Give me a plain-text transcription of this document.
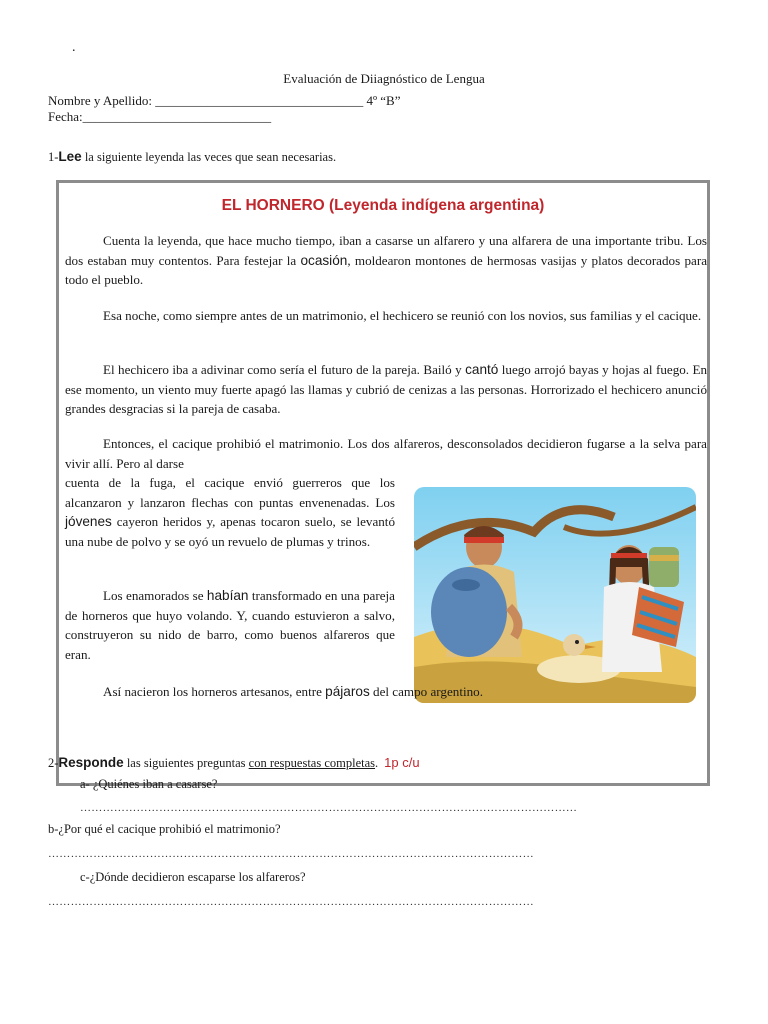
.
Evaluación de Diiagnóstico de Lengua
Nombre y Apellido: ________________________________ 4º “B”
Fecha:_____________________________
1-Lee la siguiente leyenda las veces que sean necesarias.
EL HORNERO (Leyenda indígena argentina)
Cuenta la leyenda, que hace mucho tiempo, iban a casarse un alfarero y una alfarera de una importante tribu. Los dos estaban muy contentos. Para festejar la ocasión, moldearon montones de hermosas vasijas y platos decorados para todo el pueblo.
Esa noche, como siempre antes de un matrimonio, el hechicero se reunió con los novios, sus familias y el cacique.
El hechicero iba a adivinar como sería el futuro de la pareja. Bailó y cantó luego arrojó bayas y hojas al fuego. En ese momento, un viento muy fuerte apagó las llamas y cubrió de cenizas a las personas. Horrorizado el hechicero anunció grandes desgracias si la pareja de casaba.
Entonces, el cacique prohibió el matrimonio. Los dos alfareros, desconsolados decidieron fugarse a la selva para vivir allí. Pero al darse
cuenta de la fuga, el cacique envió guerreros que los alcanzaron y lanzaron flechas con puntas envenenadas. Los jóvenes cayeron heridos y, apenas tocaron suelo, se levantó una nube de polvo y se oyó un revuelo de plumas y trinos.
Los enamorados se habían transformado en una pareja de horneros que huyo volando. Y, cuando estuvieron a salvo, construyeron su nido de barro, como buenos alfareros que eran.
Así nacieron los horneros artesanos, entre pájaros del campo argentino.
2-Responde las siguientes preguntas con respuestas completas. 1p c/u
a- ¿Quiénes iban a casarse?
……………………………………………………………………………………………………………………
b-¿Por qué el cacique prohibió el matrimonio?
…………………………………………………………………………………………………………………
c-¿Dónde decidieron escaparse los alfareros?
…………………………………………………………………………………………………………………
